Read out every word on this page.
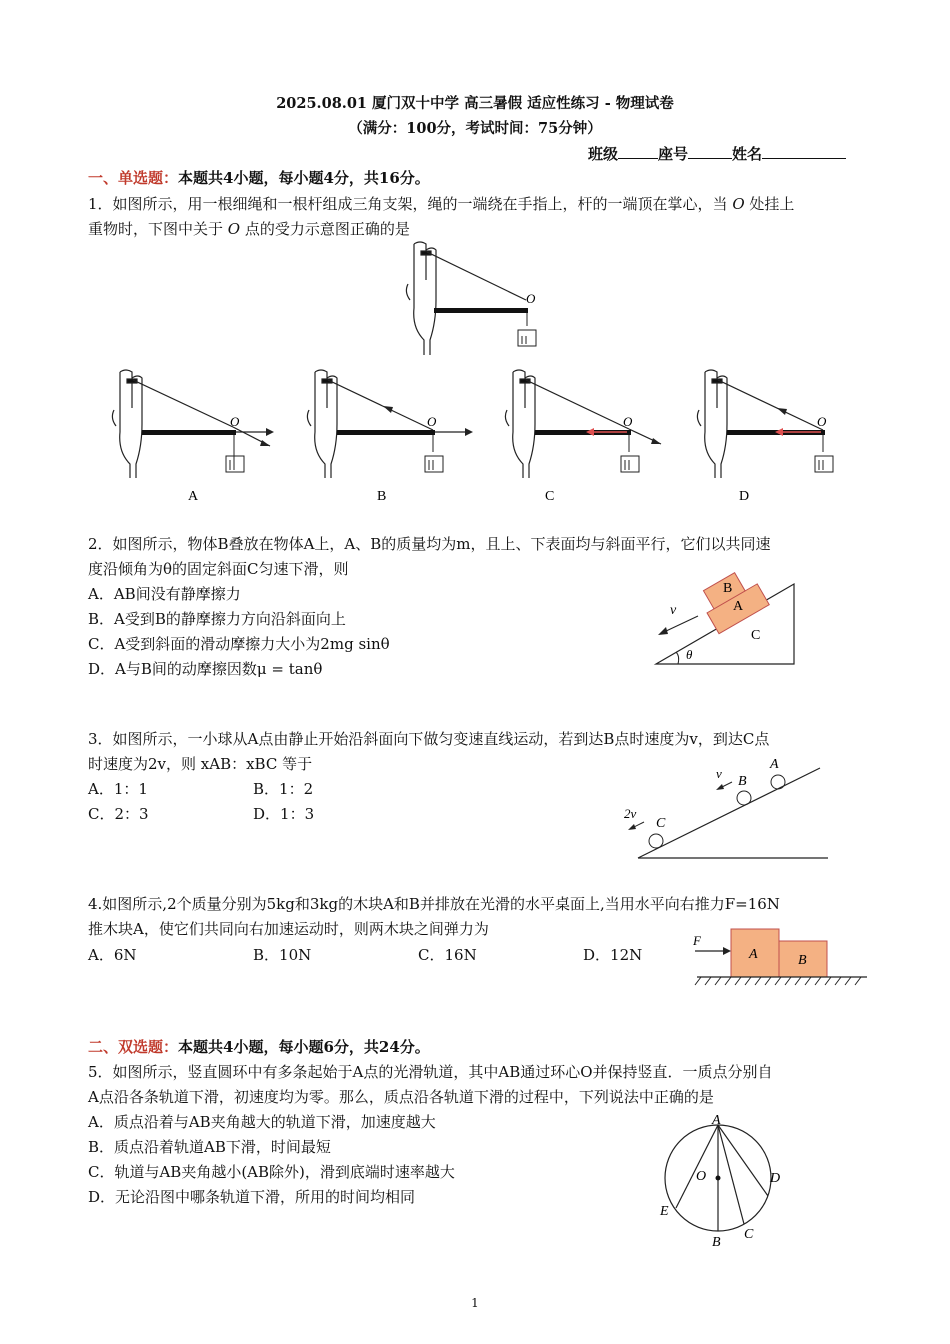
2025.08.01 厦门双十中学 高三暑假 适应性练习 - 物理试卷
（满分：100分，考试时间：75分钟）
班级	座号	姓名
一、单选题：本题共4小题，每小题4分，共16分。
1．如图所示，用一根细绳和一根杆组成三角支架，绳的一端绕在手指上，杆的一端顶在掌心，当 O 处挂上
重物时，下图中关于 O 点的受力示意图正确的是
O
O
A
O
B
O
C
O
D
2．如图所示，物体B叠放在物体A上，A、B的质量均为m，且上、下表面均与斜面平行，它们以共同速
度沿倾角为θ的固定斜面C匀速下滑，则
A．AB间没有静摩擦力
B．A受到B的静摩擦力方向沿斜面向上
C．A受到斜面的滑动摩擦力大小为2mg sinθ
D．A与B间的动摩擦因数μ = tanθ
B
A
C
v
θ
3．如图所示，一小球从A点由静止开始沿斜面向下做匀变速直线运动，若到达B点时速度为v，到达C点
时速度为2v，则 xAB：xBC 等于
A．1：1	B．1：2
C．2：3	D．1：3
A
B
C
v
2v
4.如图所示,2个质量分别为5kg和3kg的木块A和B并排放在光滑的水平桌面上,当用水平向右推力F=16N
推木块A，使它们共同向右加速运动时，则两木块之间弹力为
A．6N	B．10N	C．16N	D．12N	A	B
F
二、双选题：本题共4小题，每小题6分，共24分。
5．如图所示，竖直圆环中有多条起始于A点的光滑轨道，其中AB通过环心O并保持竖直．一质点分别自
A点沿各条轨道下滑，初速度均为零。那么，质点沿各轨道下滑的过程中，下列说法中正确的是
A．质点沿着与AB夹角越大的轨道下滑，加速度越大
B．质点沿着轨道AB下滑，时间最短
C．轨道与AB夹角越小(AB除外)，滑到底端时速率越大
D．无论沿图中哪条轨道下滑，所用的时间均相同
A
B
C
D
E
O
1
